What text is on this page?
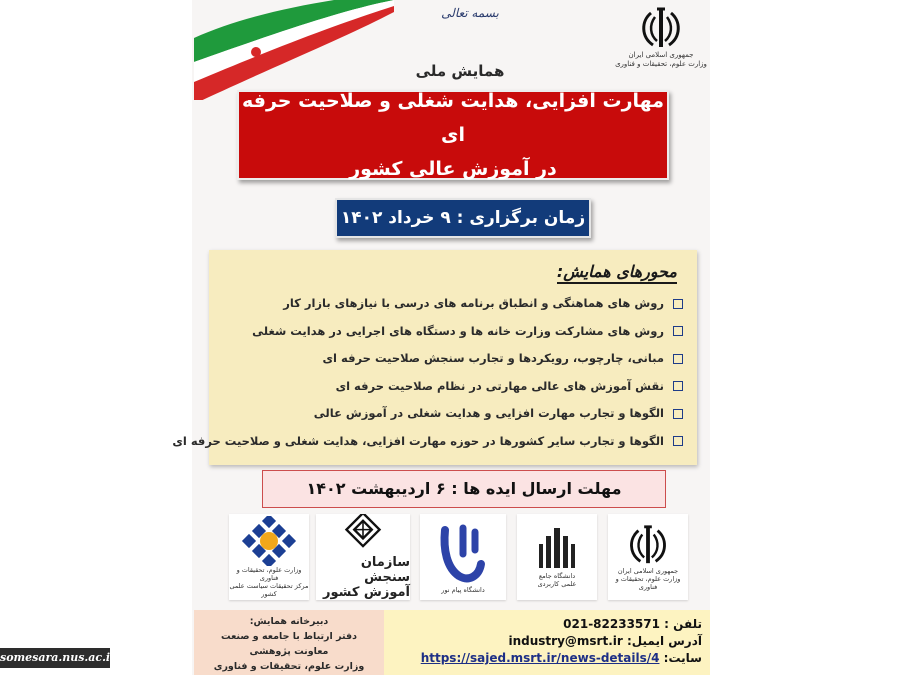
بسمه تعالی
جمهوری اسلامی ایران
وزارت علوم، تحقیقات و فناوری
همایش ملی
مهارت افزایی، هدایت شغلی و صلاحیت حرفه ای
در آموزش عالی کشور
زمان برگزاری : ۹ خرداد ۱۴۰۲
محورهای همایش:
روش های هماهنگی و انطباق برنامه های درسی با نیازهای بازار کار
روش های مشارکت وزارت خانه ها و دستگاه های اجرایی در هدایت شغلی
مبانی، چارچوب، رویکردها و تجارب سنجش صلاحیت حرفه ای
نقش آموزش های عالی مهارتی در نظام صلاحیت حرفه ای
الگوها و تجارب مهارت افزایی و هدایت شغلی در آموزش عالی
الگوها و تجارب سایر کشورها در حوزه مهارت افزایی، هدایت شغلی و صلاحیت حرفه ای
مهلت ارسال ایده ها : ۶ اردیبهشت ۱۴۰۲
وزارت علوم، تحقیقات و فناوری
مرکز تحقیقات سیاست علمی کشور
سازمان سنجش آموزش کشور	دانشگاه پیام نور
دانشگاه جامع
علمی کاربردی
جمهوری اسلامی ایران
وزارت علوم، تحقیقات و فناوری
دبیرخانه همایش:
دفتر ارتباط با جامعه و صنعت
معاونت پژوهشی
وزارت علوم، تحقیقات و فناوری
تلفن : 021-82233571
آدرس ایمیل: industry@msrt.ir
سایت: https://sajed.msrt.ir/news-details/4
somesara.nus.ac.ir
